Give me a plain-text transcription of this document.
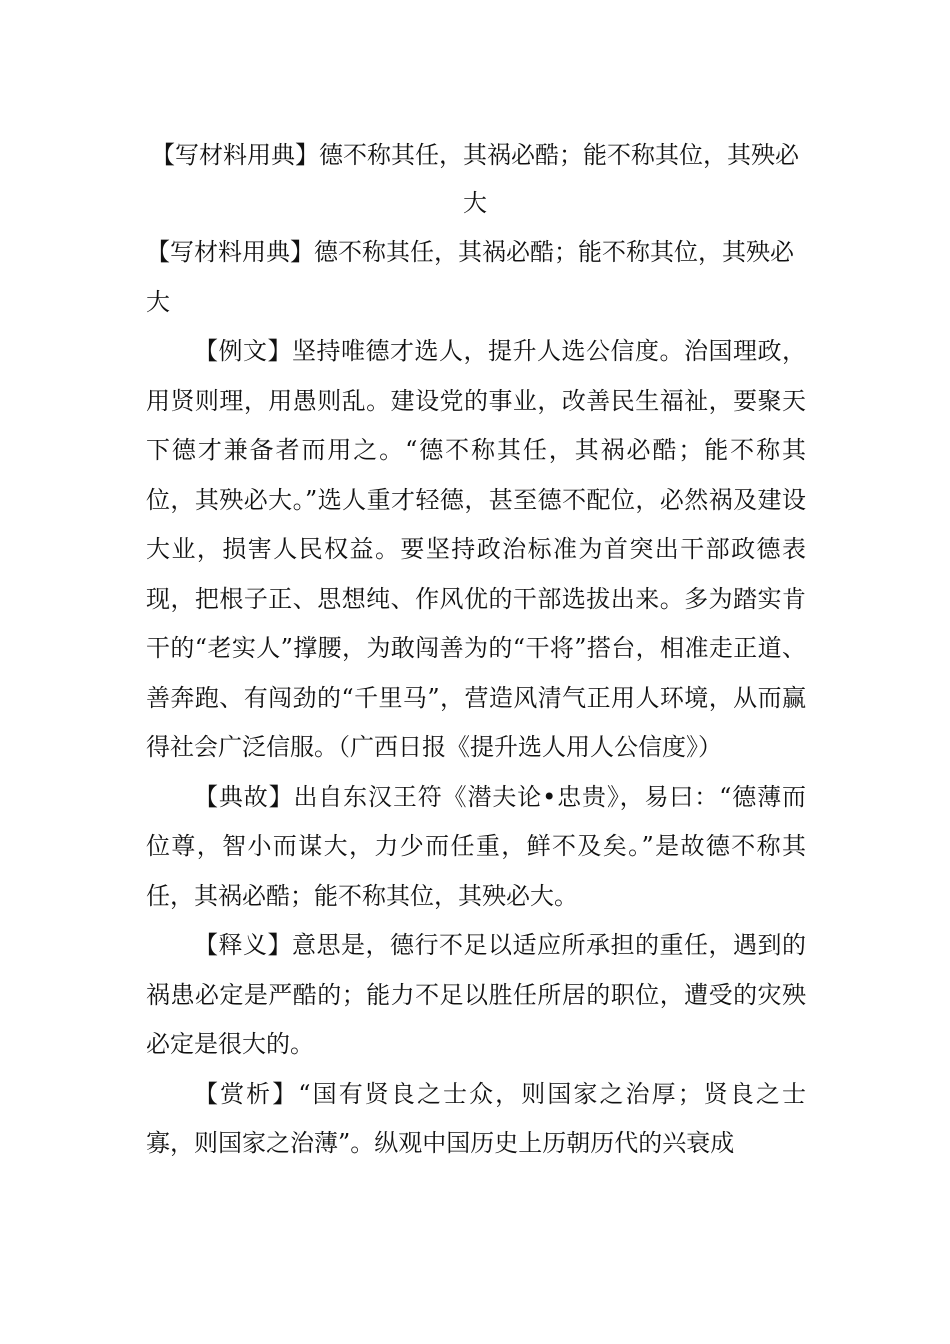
【写材料用典】德不称其任，其祸必酷；能不称其位，其殃必大

【写材料用典】德不称其任，其祸必酷；能不称其位，其殃必大

【例文】坚持唯德才选人，提升人选公信度。治国理政，用贤则理，用愚则乱。建设党的事业，改善民生福祉，要聚天下德才兼备者而用之。“德不称其任，其祸必酷；能不称其位，其殃必大。”选人重才轻德，甚至德不配位，必然祸及建设大业，损害人民权益。要坚持政治标准为首突出干部政德表现，把根子正、思想纯、作风优的干部选拔出来。多为踏实肯干的“老实人”撑腰，为敢闯善为的“干将”搭台，相准走正道、善奔跑、有闯劲的“千里马”，营造风清气正用人环境，从而赢得社会广泛信服。（广西日报《提升选人用人公信度》）

【典故】出自东汉王符《潜夫论•忠贵》，易曰：“德薄而位尊，智小而谋大，力少而任重，鲜不及矣。”是故德不称其任，其祸必酷；能不称其位，其殃必大。

【释义】意思是，德行不足以适应所承担的重任，遇到的祸患必定是严酷的；能力不足以胜任所居的职位，遭受的灾殃必定是很大的。

【赏析】“国有贤良之士众，则国家之治厚；贤良之士寡，则国家之治薄”。纵观中国历史上历朝历代的兴衰成
